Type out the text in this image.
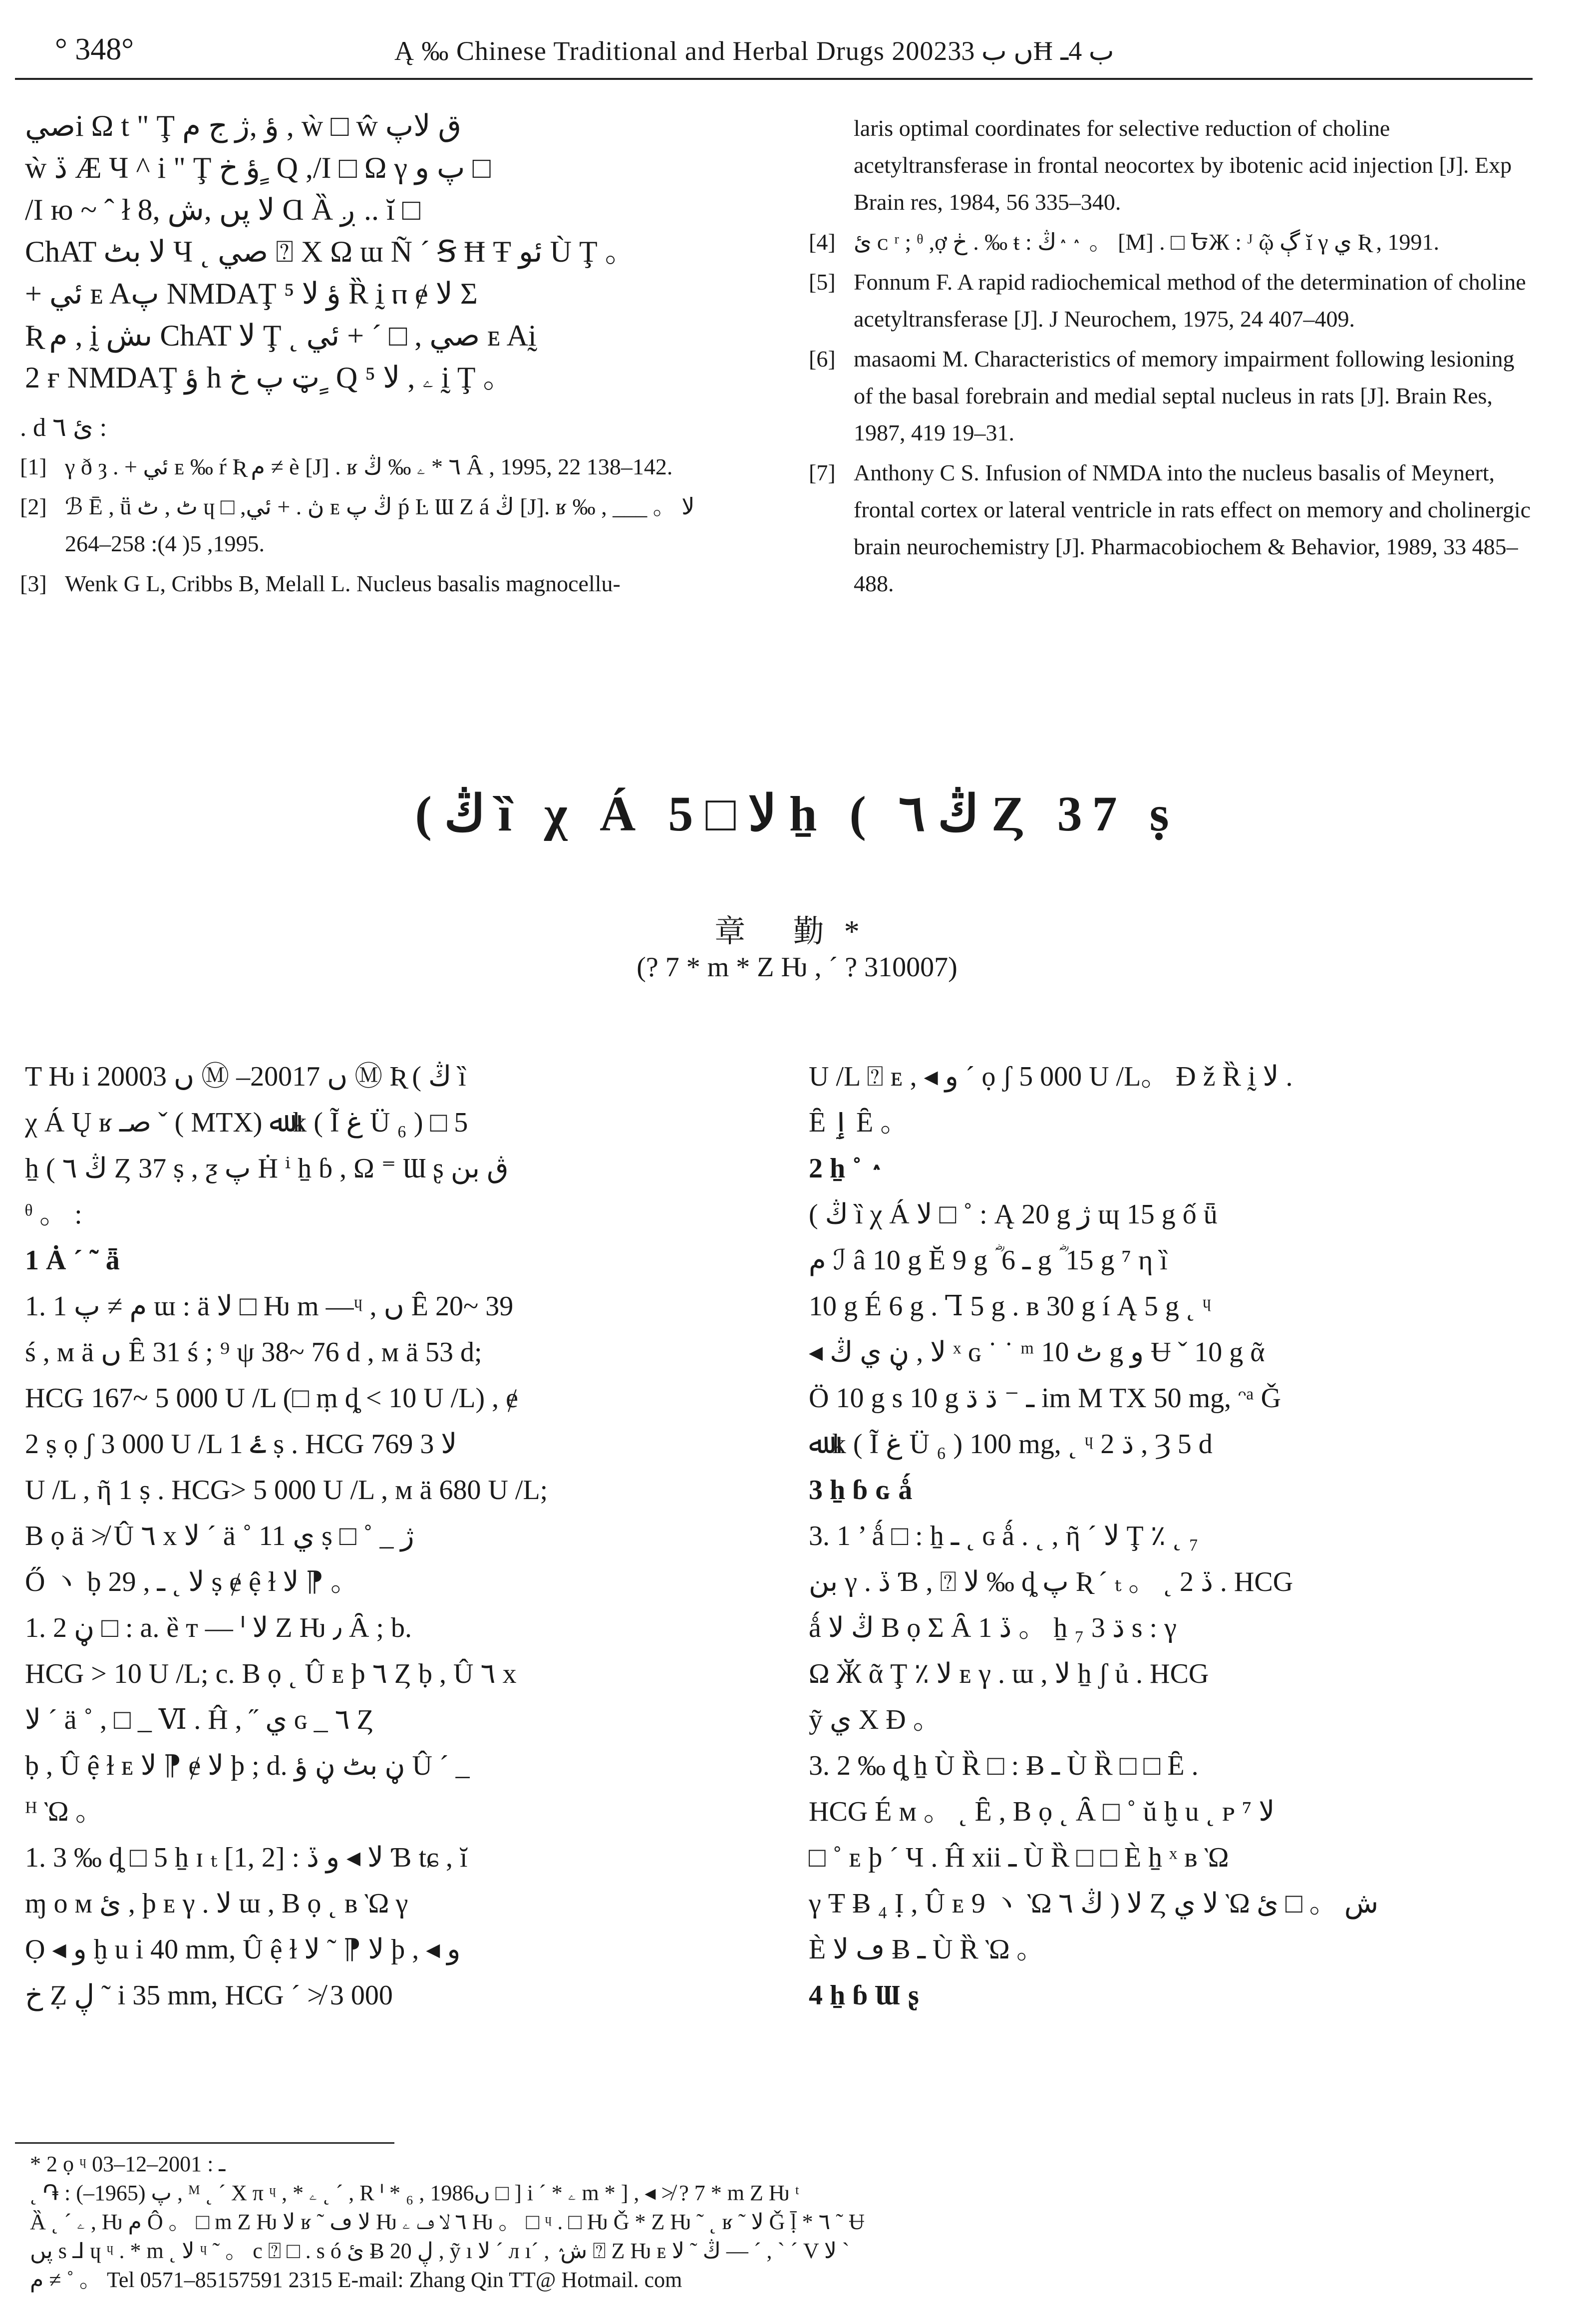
° 348°	Ą ‰ Chinese Traditional and Herbal Drugs 2002ں ب 33Ħ ب 4ـ

صيi Ω t " Ţ ؤ ,ژ ج م , ẁ □ ŵ ق ﻻپ

ẁ ڏ Æ Ч ^ i " Ţ ؤ خ ٍ Q ,/I □ Ω γ پ و □

/I ю ~ ˆ ł ﻻ پں ,ش ,8 Ɑ Ȁ ږ .. ĭ □

ChAT ﻻ بٹ Ч ˛ صي ⍰ X Ω ɯ Ñ ´ Ꞩ Ħ Ŧ ئو Ù Ţ 。

+ ئي ᴇ Aپ NMDAŢ ؤ ﻻ ⁵ Ȑ ḭ ⲡ ɇ ﻻ Σ

Ʀ م , ḭ ٮش ChAT ﻻ Ţ ˛ صي , □ ´ + ئي ᴇ Aḭ

2 ғ NMDAŢ ؤ h ټ پ خ ٍ Q ۦ , ﻻ ⁵ ḭ Ţ 。

. d ئ ٦ :
[1] γ ð ȝ . + ئي ᴇ ‰ ŕ Ʀ م ≠ è [J] . ʁ ٦ * ۦ ‰ ڭ Ȃ , 1995, 22 138–142.
[2] ℬ Ē , ṻ ٹ , ٹ ɥ □ ,ڽ . + ئي ᴇ ڭ پ ṕ Ŀ Ɯ Z á ڭ [J]. ʁ ‰ ﻻ 。 ___ , 1995, 5( 4): 258–264.
[3] Wenk G L, Cribbs B, Melall L. Nucleus basalis magnocellu-
laris optimal coordinates for selective reduction of choline acetyltransferase in frontal neocortex by ibotenic acid injection [J]. Exp Brain res, 1984, 56 335–340.
[4] ئ ᴄ ʳ ; ᶿ ,ợ ڂ . ‰ ŧ : ڭ ٛ ٛ 。 [M] . □ ԵЖ : ᴶ ῷ ڳ ĭ γ ي Ʀ , 1991.
[5] Fonnum F. A rapid radiochemical method of the determination of choline acetyltransferase [J]. J Neurochem, 1975, 24 407–409.
[6] masaomi M. Characteristics of memory impairment following lesioning of the basal forebrain and medial septal nucleus in rats [J]. Brain Res, 1987, 419 19–31.
[7] Anthony C S. Infusion of NMDA into the nucleus basalis of Meynert, frontal cortex or lateral ventricle in rats effect on memory and cholinergic brain neurochemistry [J]. Pharmacobiochem & Behavior, 1989, 33 485–488.
( ڭ ȉ χ Á ﻻ □ 5 ẖ ( ڭ ٦ Ȥ 37 ṣ
章 勤*
(? 7 * m * Z Ƕ , ´ ? 310007)

T Ƕ i 2000ں 3 Ⓜ –2001ں 7 Ⓜ Ʀ ( ڭ ȉ

χ Á Ų ʁ صـ ˇ ( MTX) ﷲ k ( Ĩ غ Ü ₆ ) □ 5

ẖ ( ڭ ٦ Ȥ 37 ṣ , ƺ پ Ḣ ⁱ ẖ ɓ , Ω ⁼ Ɯ ʂ ڨ بن

ᶿ 。 :

1 Ȧ ´ ˜ ǟ

1. 1 م ≠ پ ɯ : ä ﻻ □ Ƕ m —ᶣ , ں Ȇ 20~ 39

ś , ᴍ ä ں Ȇ 31 ś ; ⁹ ψ 38~ 76 d , ᴍ ä 53 d;

HCG 167~ 5 000 U /L (□ ṃ ȡ < 10 U /L) , ɇ

2 ṣ ọ ʃ 3 000 U /L ۓ 1 ṣ . HCG ﻻ 3 769

U /L , ῆ 1 ṣ . HCG> 5 000 U /L , ᴍ ä 680 U /L;

B ọ ä ≯ Û ٦ x ﻻ ´ ä ˚ ي 11 ṣ □ ˚ _ ژ

Ő ヽ ḅ ﻻ ˛ ـ , 29 ṣ ɇ ệ ɫ ﻻ ⁋ 。

1. 2 ڼ □ : a. ȅ ᴛ — ᑊ ﻻ Z Ƕ ٫ Ȃ ; b.

HCG > 10 U /L; c. B ọ ˛ Û ᴇ ϸ ٦ Ȥ ḅ , Û ٦ x

ﻻ ´ ä ˚ , □ _ Ⅵ . Ĥ , ˝ ي ɢ _ ٦ Ȥ

ḅ , Û ệ ɫ ᴇ ﻻ ⁋ ɇ ﻻ ϸ ; d. ڼ بٹ ڼ ؤ Û ´ _

ᴴ Ὼ 。

1. 3 ‰ ȡ □ 5 ẖ ɪ ₜ [1, 2] : ﻻ ◂ و ڏ Ɓ tɕ , ĭ

ɱ ᴏ ᴍ ئ , ϸ ᴇ γ . ﻻ ɯ , B ọ ˛ ʙ Ὼ γ

Ọ ◂ و ḫ u i 40 mm, Û ệ ɫ ﻻ ⁋ ˜ ﻻ ϸ , ◂ و

خ Ẓ ڸ ˜ i 35 mm, HCG ´ ≯ 3 000

U /L ⍰ ᴇ , ◂ و ´ ọ ʃ 5 000 U /L。 Ɖ ž Ȑ ḭ ﻻ .

Ȇ ٳ Ȇ 。

2 ẖ ˚ ٛ

( ڭ ȉ χ Á ﻻ □ ˚ : Ą 20 g ژ ɰ 15 g ố ǖ

م ℐ â 10 g Ĕ 9 g ؓ ـ 6 g ؓ 15 g ⁷ η ȉ

10 g É 6 g . Ꞁ 5 g . ʙ 30 g í Ą 5 g ˛ ᶣ

◂ ﻻ , ڼ ي ڭ ˣ ɢ ˙ ˙ ᵐ ٹ 10 g و Ʉ ˇ 10 g ᾶ

Ö 10 g s 10 g ـ ⁻ ڌ ڌ im M TX 50 mg, ᵔᵃ Ǧ

ﷲ k ( Ĩ غ Ü ₆ ) 100 mg, ˛ ᶣ 2 ڌ , Ȝ 5 d

3 ẖ ɓ ɢ ǻ

3. 1 ’ ǻ □ : ẖ ـ ˛ ɢ ǻ . ˛ , ῆ ´ ﻻ Ţ ٪ ˛ ₇

بن γ . ڏ Ɓ , ⍰ ﻻ ‰ ȡ پ Ʀ ˊ ₜ 。 ˛ 2 ڏ . HCG

ǻ ڭ ﻻ B ọ Σ Ȃ 1 ڏ 。 ẖ ₇ ڌ 3 s : γ

Ω Ӂ ᾶ Ţ ٪ ﻻ ᴇ γ . ɯ , ﻻ ẖ ʃ ủ . HCG

ỹ ي X Ɖ 。

3. 2 ‰ ȡ ẖ Ù Ȑ □ : Ƀ ـ Ù Ȑ □ □ Ȇ .

HCG É ᴍ 。 ˛ Ȇ , B ọ ˛ Ȃ □ ˚ ŭ ḫ u ˛ ᴩ ⁷ ﻻ

□ ˚ ᴇ ϸ ´ Ч . Ĥ xii ـ Ù Ȑ □ □ È ẖ ˣ ʙ Ὼ

γ Ŧ Ƀ ₄ Ị , Û ᴇ 9 ヽ Ὼ ﻻ ( ڭ ٦ Ȥ ﻻ ي Ὼ ش 。 □ ئ

È ڡ ﻻ Ƀ ـ Ù Ȑ Ὼ 。

4 ẖ ɓ Ɯ ʂ

* 2 ọ ᶣ ـ : 2001–12–03

˛ ֏ : پ (1965–) , ᴹ ˛ ´ X π ᶣ , * ۦ ˛ ˊ , R ᑊ * ₆ , 1986ں □ ] i ´ * ۦ m * ] , ◂ ≯ ? 7 * m Z Ƕ ᵗ

Ȁ ˛ ´ ۦ , Ƕ م Ô 。 □ m Z Ƕ ﻻ ʁ ˜ ﻻ ڡ Ƕ ٦ ﻻ ڡ ۦ Ƕ 。 □ ᶣ . □ Ƕ Ǧ * Z Ƕ ˜ ˛ ʁ ˜ ﻻ Ǧ ḹ * ٦ ˜ Ʉ

پں s ⅃ ɥ ᶣ . * m ˛ ﻻ ᶣ ˜ 。 c ⍰ □ . s ó ئ Ƀ 20 ڸ , ỹ ı ﻻ ´ л ı´ , ٛ ش ⍰ Z Ƕ ᴇ ڭ ˜ ﻻ — ´ , ˋ ´ V ﻻ ˋ

م ≠ ˚ 。 Tel 0571–85157591 2315 E-mail: Zhang Qin TT@ Hotmail. com
